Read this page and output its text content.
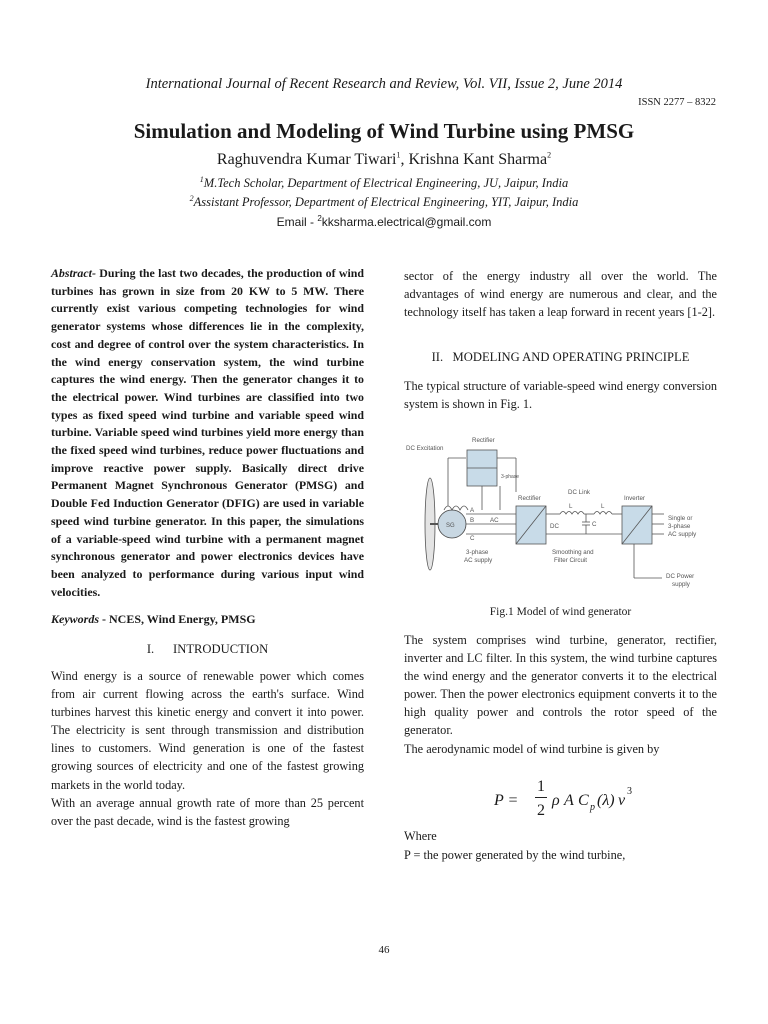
International Journal of Recent Research and Review, Vol. VII, Issue 2, June 2014
ISSN 2277 – 8322
Simulation and Modeling of Wind Turbine using PMSG
Raghuvendra Kumar Tiwari$^1$, Krishna Kant Sharma$^2$
$^1$M.Tech Scholar, Department of Electrical Engineering, JU, Jaipur, India
$^2$Assistant Professor, Department of Electrical Engineering, YIT, Jaipur, India
Email - $^2$kksharma.electrical@gmail.com
Abstract- During the last two decades, the production of wind turbines has grown in size from 20 KW to 5 MW. There currently exist various competing technologies for wind generator systems whose differences lie in the complexity, cost and degree of control over the system characteristics. In the wind energy conservation system, the wind turbine captures the wind energy. Then the generator changes it to the electrical power. Wind turbines are classified into two types as fixed speed wind turbine and variable speed wind turbine. Variable speed wind turbines yield more energy than the fixed speed wind turbines, reduce power fluctuations and improve reactive power supply. Basically direct drive Permanent Magnet Synchronous Generator (PMSG) and Double Fed Induction Generator (DFIG) are used in variable speed wind turbine generator. In this paper, the simulations of a variable-speed wind turbine with a permanent magnet synchronous generator and power electronics devices have been analyzed to performance during various input wind velocities.
Keywords - NCES, Wind Energy, PMSG
I.      INTRODUCTION

Wind energy is a source of renewable power which comes from air current flowing across the earth's surface. Wind turbines harvest this kinetic energy and convert it into power. The electricity is sent through transmission and distribution lines to customers. Wind generation is one of the fastest growing sources of electricity and one of the fastest growing markets in the world today.

With an average annual growth rate of more than 25 percent over the past decade, wind is the fastest growing

sector of the energy industry all over the world. The advantages of wind energy are numerous and clear, and the technology itself has taken a leap forward in recent years [1-2].
II.   MODELING AND OPERATING PRINCIPLE
The typical structure of variable-speed wind energy conversion system is shown in Fig. 1.
DC Excitation
Rectifier
3-phase
Rectifier
DC Link
Inverter
SG
A
B
C
AC
DC
L	L
C
3-phase
AC supply
Smoothing and
Filter Circuit
Single or
3-phase
AC supply
DC Power
supply
Fig.1 Model of wind generator
The system comprises wind turbine, generator, rectifier, inverter and LC filter. In this system, the wind turbine captures the wind energy and the generator converts it to the electrical power. Then the power electronics equipment converts it to the high quality power and controls the rotor speed of the generator.
The aerodynamic model of wind turbine is given by
P =
1
2
ρ A C p (λ) v
3
Where
P = the power generated by the wind turbine,
46
